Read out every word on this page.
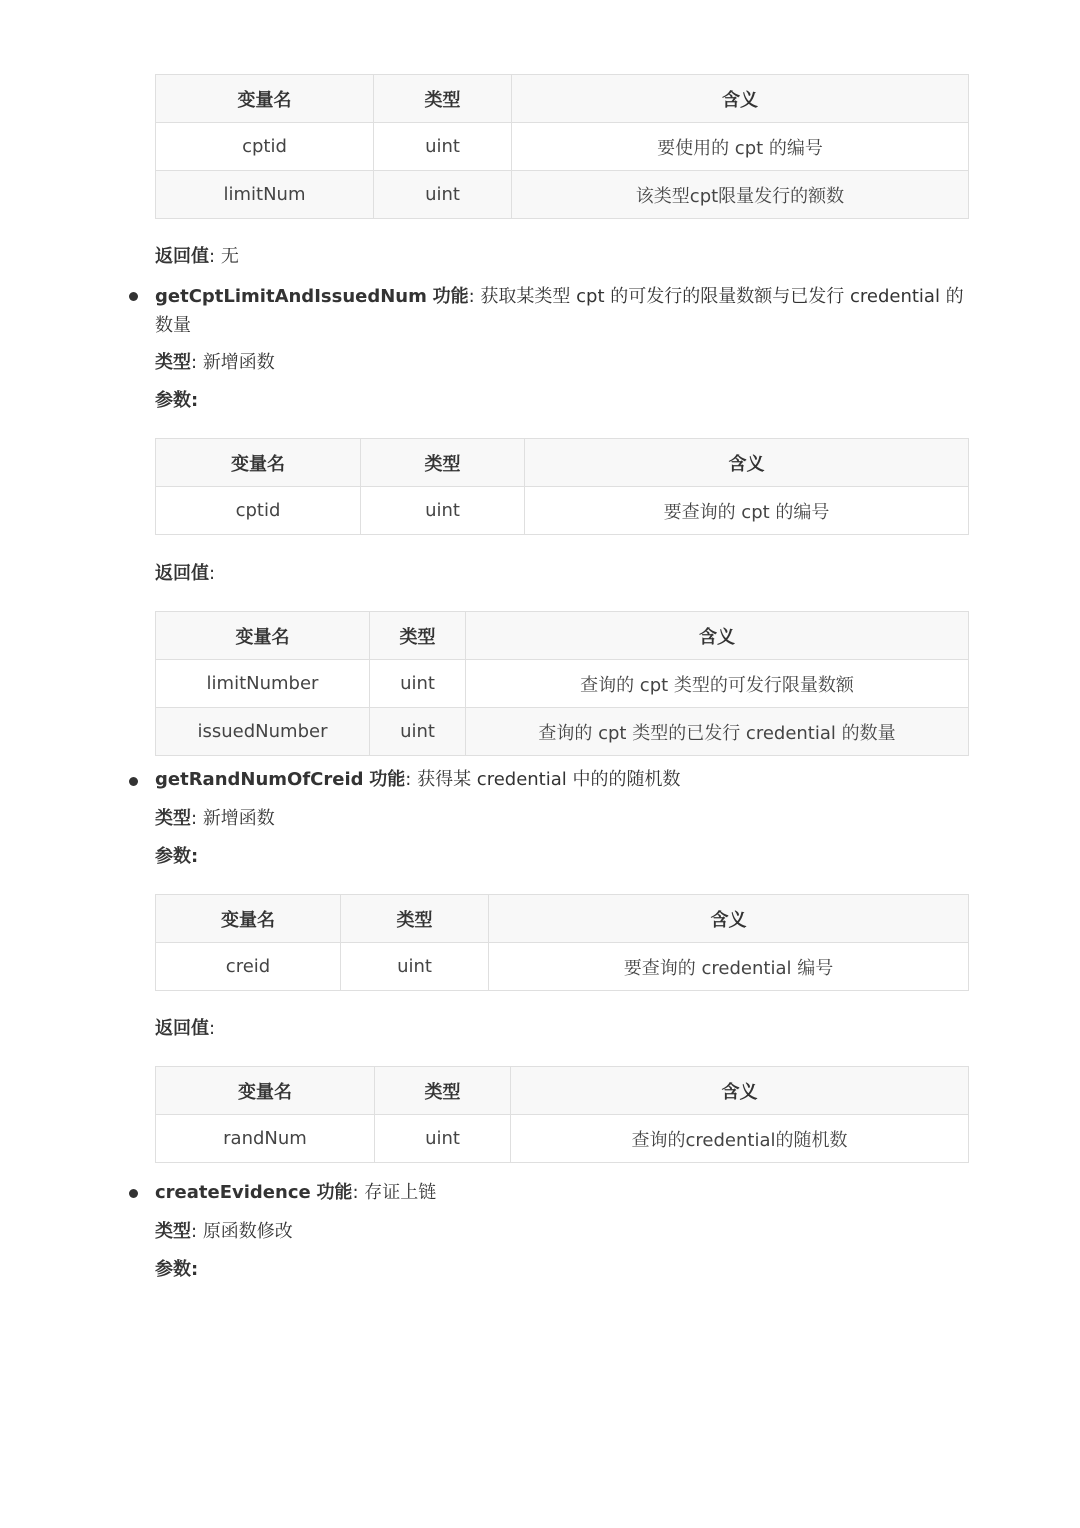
变量名	类型	含义
cptid	uint	要使用的 cpt 的编号
limitNum	uint	该类型cpt限量发行的额数
返回值: 无
getCptLimitAndIssuedNum 功能: 获取某类型 cpt 的可发行的限量数额与已发行 credential 的数量
类型: 新增函数
参数:
变量名	类型	含义
cptid	uint	要查询的 cpt 的编号
返回值:
变量名	类型	含义
limitNumber	uint	查询的 cpt 类型的可发行限量数额
issuedNumber	uint	查询的 cpt 类型的已发行 credential 的数量
getRandNumOfCreid 功能: 获得某 credential 中的的随机数
类型: 新增函数
参数:
变量名	类型	含义
creid	uint	要查询的 credential 编号
返回值:
变量名	类型	含义
randNum	uint	查询的credential的随机数
createEvidence 功能: 存证上链
类型: 原函数修改
参数:
